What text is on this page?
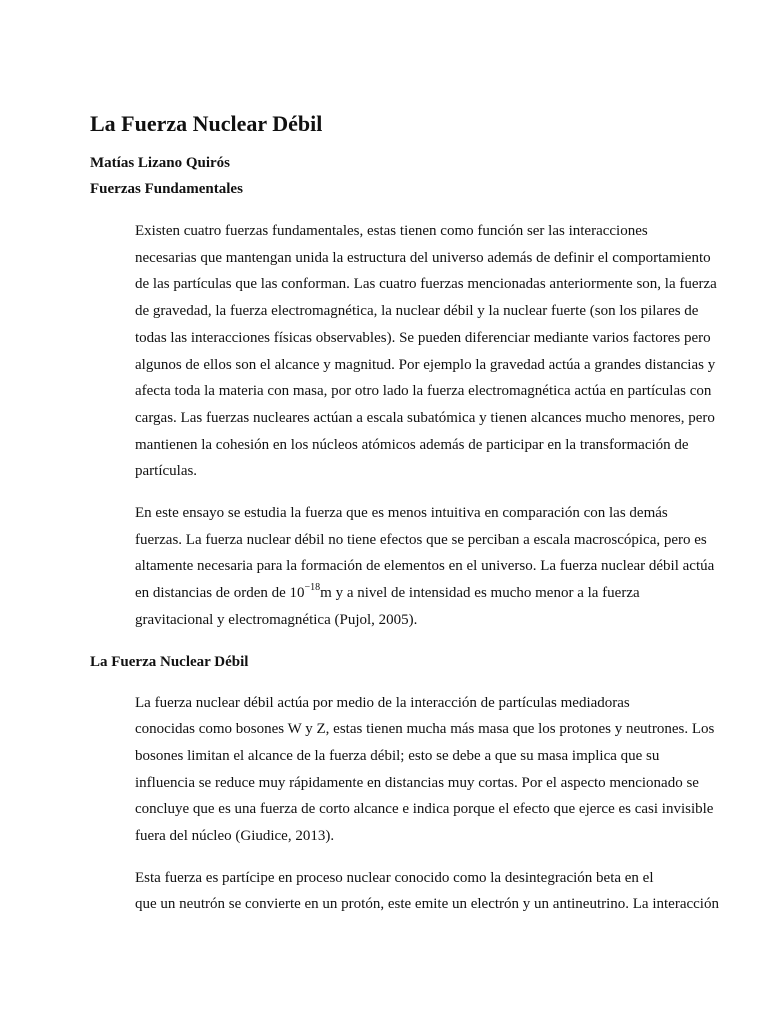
La Fuerza Nuclear Débil

Matías Lizano Quirós

Fuerzas Fundamentales

Existen cuatro fuerzas fundamentales, estas tienen como función ser las interacciones
necesarias que mantengan unida la estructura del universo además de definir el comportamiento
de las partículas que las conforman. Las cuatro fuerzas mencionadas anteriormente son, la fuerza
de gravedad, la fuerza electromagnética, la nuclear débil y la nuclear fuerte (son los pilares de
todas las interacciones físicas observables). Se pueden diferenciar mediante varios factores pero
algunos de ellos son el alcance y magnitud. Por ejemplo la gravedad actúa a grandes distancias y
afecta toda la materia con masa, por otro lado la fuerza electromagnética actúa en partículas con
cargas. Las fuerzas nucleares actúan a escala subatómica y tienen alcances mucho menores, pero
mantienen la cohesión en los núcleos atómicos además de participar en la transformación de
partículas.

En este ensayo se estudia la fuerza que es menos intuitiva en comparación con las demás
fuerzas. La fuerza nuclear débil no tiene efectos que se perciban a escala macroscópica, pero es
altamente necesaria para la formación de elementos en el universo. La fuerza nuclear débil actúa
en distancias de orden de $10^{-18}m$ y a nivel de intensidad es mucho menor a la fuerza
gravitacional y electromagnética (Pujol, 2005).

La Fuerza Nuclear Débil

La fuerza nuclear débil actúa por medio de la interacción de partículas mediadoras
conocidas como bosones W y Z, estas tienen mucha más masa que los protones y neutrones. Los
bosones limitan el alcance de la fuerza débil; esto se debe a que su masa implica que su
influencia se reduce muy rápidamente en distancias muy cortas. Por el aspecto mencionado se
concluye que es una fuerza de corto alcance e indica porque el efecto que ejerce es casi invisible
fuera del núcleo (Giudice, 2013).

Esta fuerza es partícipe en proceso nuclear conocido como la desintegración beta en el
que un neutrón se convierte en un protón, este emite un electrón y un antineutrino. La interacción
